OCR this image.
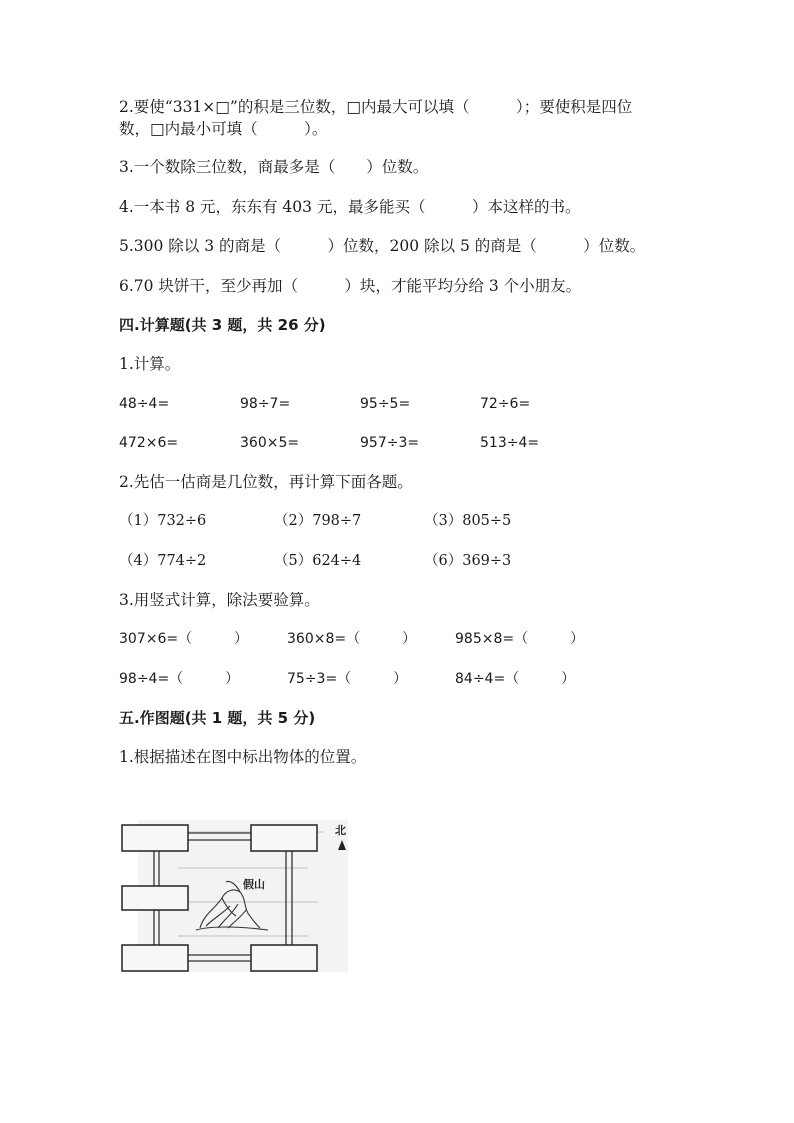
2.要使“331×□”的积是三位数，□内最大可以填（　　　）；要使积是四位
数，□内最小可填（　　　）。
3.一个数除三位数，商最多是（　　）位数。
4.一本书 8 元，东东有 403 元，最多能买（　　　）本这样的书。
5.300 除以 3 的商是（　　　）位数，200 除以 5 的商是（　　　）位数。
6.70 块饼干，至少再加（　　　）块，才能平均分给 3 个小朋友。
四.计算题(共 3 题，共 26 分)
1.计算。
48÷4=	98÷7=	95÷5=	72÷6=
472×6=	360×5=	957÷3=	513÷4=
2.先估一估商是几位数，再计算下面各题。
（1）732÷6	（2）798÷7	（3）805÷5
（4）774÷2	（5）624÷4	（6）369÷3
3.用竖式计算，除法要验算。
307×6=（　　　）	360×8=（　　　）	985×8=（　　　）
98÷4=（　　　）	75÷3=（　　　）	84÷4=（　　　）
五.作图题(共 1 题，共 5 分)
1.根据描述在图中标出物体的位置。
假山
北
